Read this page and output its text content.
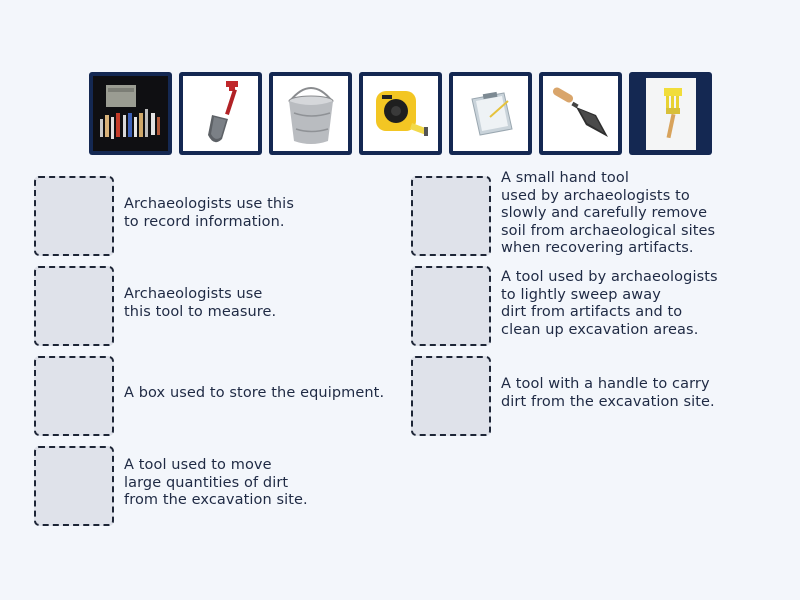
Archaeologists use this
to record information.
Archaeologists use
this tool to measure.
A box used to store the equipment.
A tool used to move
large quantities of dirt
from the excavation site.
A small hand tool
used by archaeologists to
slowly and carefully remove
soil from archaeological sites
when recovering artifacts.
A tool used by archaeologists
to lightly sweep away
dirt from artifacts and to
clean up excavation areas.
A tool with a handle to carry
dirt from the excavation site.
